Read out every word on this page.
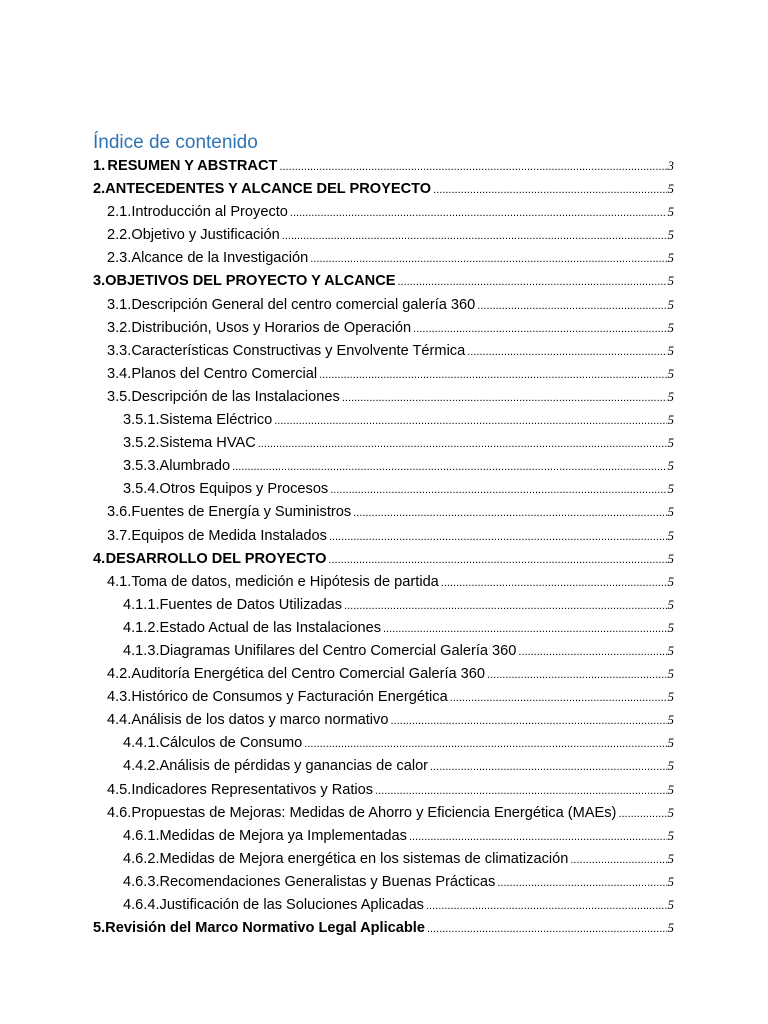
Índice de contenido
1. RESUMEN Y ABSTRACT .....	3
2. ANTECEDENTES Y ALCANCE DEL PROYECTO .....	5
2.1. Introducción al Proyecto .....	5
2.2. Objetivo y Justificación .....	5
2.3. Alcance de la Investigación .....	5
3. OBJETIVOS DEL PROYECTO Y ALCANCE .....	5
3.1. Descripción General del centro comercial galería 360 .....	5
3.2. Distribución, Usos y Horarios de Operación .....	5
3.3. Características Constructivas y Envolvente Térmica .....	5
3.4. Planos del Centro Comercial .....	5
3.5. Descripción de las Instalaciones .....	5
3.5.1. Sistema Eléctrico .....	5
3.5.2. Sistema HVAC .....	5
3.5.3. Alumbrado .....	5
3.5.4. Otros Equipos y Procesos .....	5
3.6. Fuentes de Energía y Suministros .....	5
3.7. Equipos de Medida Instalados .....	5
4. DESARROLLO DEL PROYECTO .....	5
4.1. Toma de datos, medición e Hipótesis de partida .....	5
4.1.1. Fuentes de Datos Utilizadas .....	5
4.1.2. Estado Actual de las Instalaciones .....	5
4.1.3. Diagramas Unifilares del Centro Comercial Galería 360 .....	5
4.2. Auditoría Energética del Centro Comercial Galería 360 .....	5
4.3. Histórico de Consumos y Facturación Energética .....	5
4.4. Análisis de los datos y marco normativo .....	5
4.4.1. Cálculos de Consumo .....	5
4.4.2. Análisis de pérdidas y ganancias de calor .....	5
4.5. Indicadores Representativos y Ratios .....	5
4.6. Propuestas de Mejoras: Medidas de Ahorro y Eficiencia Energética (MAEs) .....	5
4.6.1. Medidas de Mejora ya Implementadas .....	5
4.6.2. Medidas de Mejora energética en los sistemas de climatización .....	5
4.6.3. Recomendaciones Generalistas y Buenas Prácticas .....	5
4.6.4. Justificación de las Soluciones Aplicadas .....	5
5. Revisión del Marco Normativo Legal Aplicable .....	5
